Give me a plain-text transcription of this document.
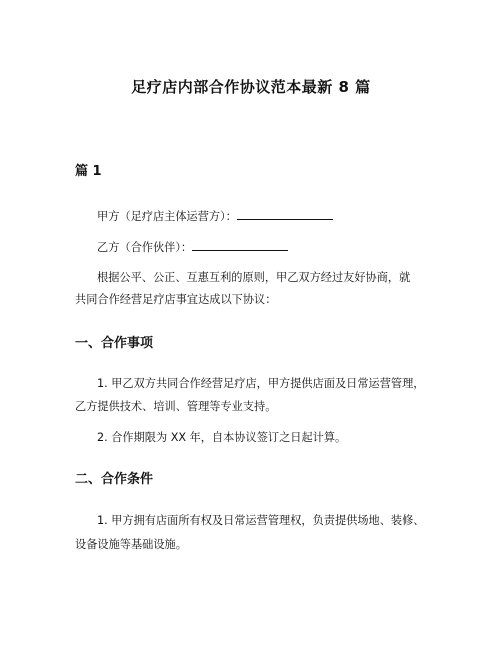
足疗店内部合作协议范本最新 8 篇
篇 1
甲方（足疗店主体运营方）：
乙方（合作伙伴）：
根据公平、公正、互惠互利的原则，甲乙双方经过友好协商，就
共同合作经营足疗店事宜达成以下协议：
一、合作事项
1. 甲乙双方共同合作经营足疗店，甲方提供店面及日常运营管理，
乙方提供技术、培训、管理等专业支持。
2. 合作期限为 XX 年，自本协议签订之日起计算。
二、合作条件
1. 甲方拥有店面所有权及日常运营管理权，负责提供场地、装修、
设备设施等基础设施。
